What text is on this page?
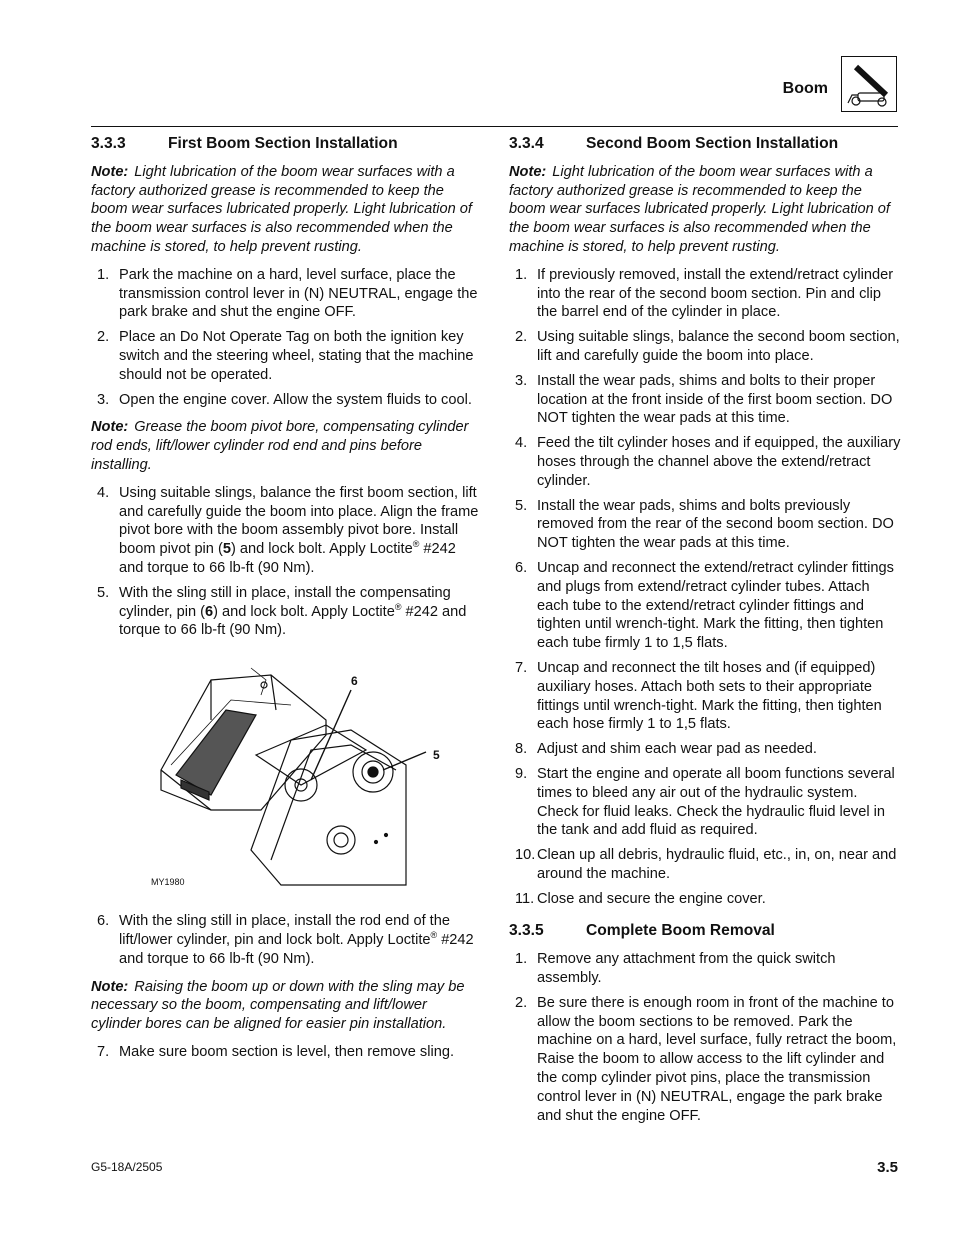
Boom
3.3.3	First Boom Section Installation

Note: Light lubrication of the boom wear surfaces with a factory authorized grease is recommended to keep the boom wear surfaces lubricated properly. Light lubrication of the boom wear surfaces is also recommended when the machine is stored, to help prevent rusting.

1. Park the machine on a hard, level surface, place the transmission control lever in (N) NEUTRAL, engage the park brake and shut the engine OFF.
2. Place an Do Not Operate Tag on both the ignition key switch and the steering wheel, stating that the machine should not be operated.
3. Open the engine cover. Allow the system fluids to cool.

Note: Grease the boom pivot bore, compensating cylinder rod ends, lift/lower cylinder rod end and pins before installing.

4. Using suitable slings, balance the first boom section, lift and carefully guide the boom into place. Align the frame pivot bore with the boom assembly pivot bore. Install boom pivot pin (5) and lock bolt. Apply Loctite® #242 and torque to 66 lb-ft (90 Nm).
5. With the sling still in place, install the compensating cylinder, pin (6) and lock bolt. Apply Loctite® #242 and torque to 66 lb-ft (90 Nm).
6
5
MY1980
6. With the sling still in place, install the rod end of the lift/lower cylinder, pin and lock bolt. Apply Loctite® #242 and torque to 66 lb-ft (90 Nm).

Note: Raising the boom up or down with the sling may be necessary so the boom, compensating and lift/lower cylinder bores can be aligned for easier pin installation.

7. Make sure boom section is level, then remove sling.
3.3.4	Second Boom Section Installation

Note: Light lubrication of the boom wear surfaces with a factory authorized grease is recommended to keep the boom wear surfaces lubricated properly. Light lubrication of the boom wear surfaces is also recommended when the machine is stored, to help prevent rusting.

1. If previously removed, install the extend/retract cylinder into the rear of the second boom section. Pin and clip the barrel end of the cylinder in place.
2. Using suitable slings, balance the second boom section, lift and carefully guide the boom into place.
3. Install the wear pads, shims and bolts to their proper location at the front inside of the first boom section. DO NOT tighten the wear pads at this time.
4. Feed the tilt cylinder hoses and if equipped, the auxiliary hoses through the channel above the extend/retract cylinder.
5. Install the wear pads, shims and bolts previously removed from the rear of the second boom section. DO NOT tighten the wear pads at this time.
6. Uncap and reconnect the extend/retract cylinder fittings and plugs from extend/retract cylinder tubes. Attach each tube to the extend/retract cylinder fittings and tighten until wrench-tight. Mark the fitting, then tighten each tube firmly 1 to 1,5 flats.
7. Uncap and reconnect the tilt hoses and (if equipped) auxiliary hoses. Attach both sets to their appropriate fittings until wrench-tight. Mark the fitting, then tighten each hose firmly 1 to 1,5 flats.
8. Adjust and shim each wear pad as needed.
9. Start the engine and operate all boom functions several times to bleed any air out of the hydraulic system. Check for fluid leaks. Check the hydraulic fluid level in the tank and add fluid as required.
10. Clean up all debris, hydraulic fluid, etc., in, on, near and around the machine.
11. Close and secure the engine cover.
3.3.5	Complete Boom Removal
1. Remove any attachment from the quick switch assembly.
2. Be sure there is enough room in front of the machine to allow the boom sections to be removed. Park the machine on a hard, level surface, fully retract the boom, Raise the boom to allow access to the lift cylinder and the comp cylinder pivot pins, place the transmission control lever in (N) NEUTRAL, engage the park brake and shut the engine OFF.
G5-18A/2505	3.5
